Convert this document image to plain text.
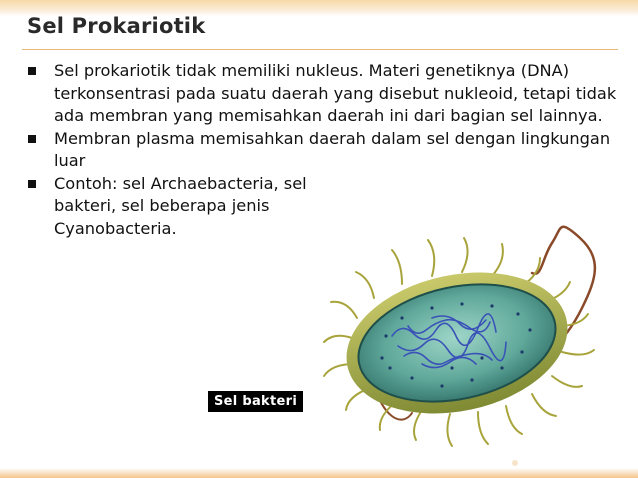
Sel Prokariotik
Sel prokariotik tidak memiliki nukleus. Materi genetiknya (DNA) terkonsentrasi pada suatu daerah yang disebut nukleoid, tetapi tidak ada membran yang memisahkan daerah ini dari bagian sel lainnya.
Membran plasma memisahkan daerah dalam sel dengan lingkungan luar
Contoh: sel Archaebacteria, sel bakteri, sel beberapa jenis Cyanobacteria.
Sel bakteri
